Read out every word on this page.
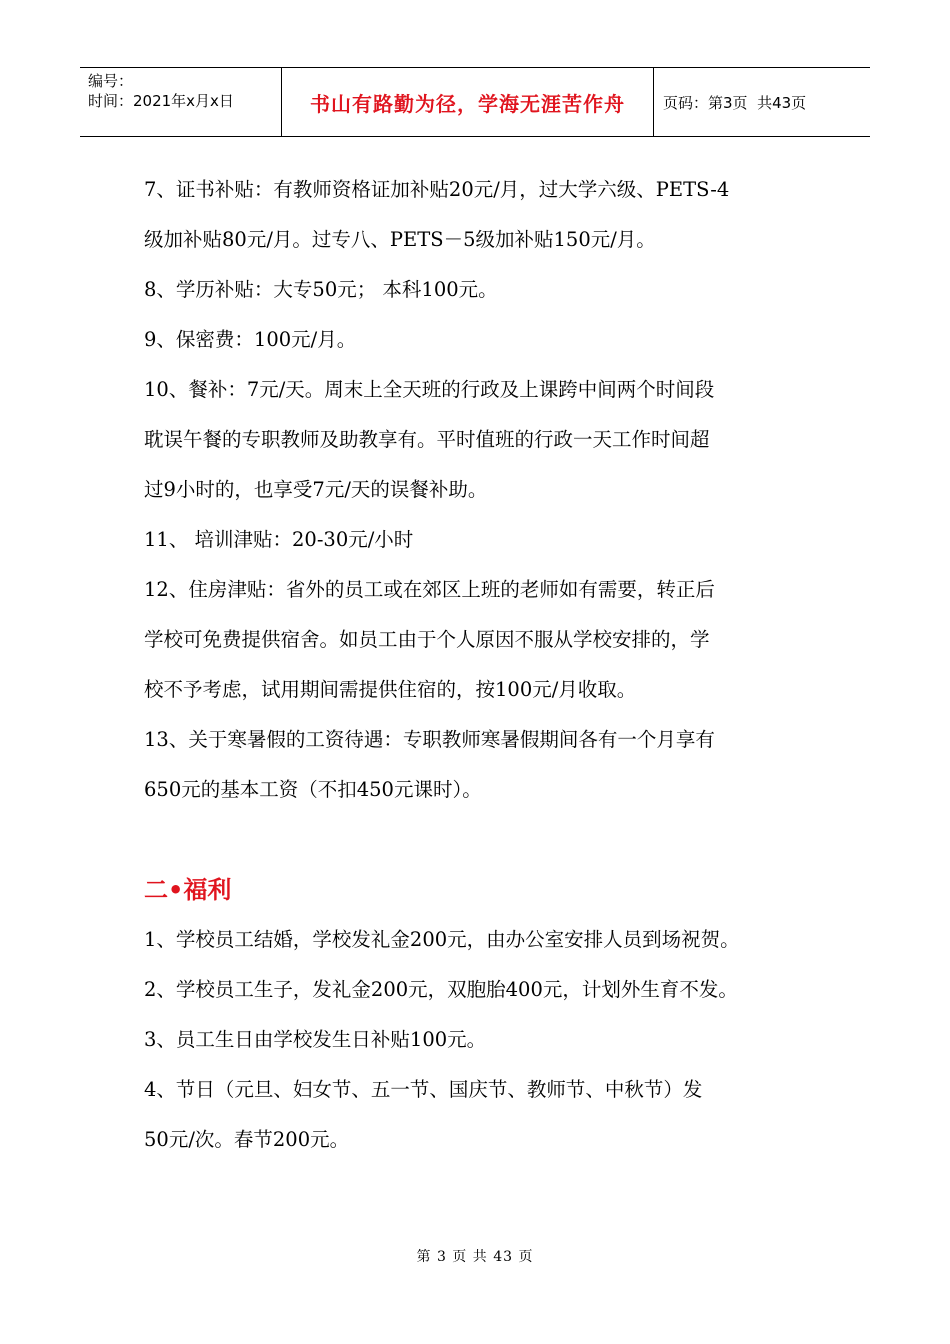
编号：
时间：2021年x月x日	书山有路勤为径，学海无涯苦作舟	页码：第3页  共43页

7、证书补贴：有教师资格证加补贴20元/月，过大学六级、PETS-4

级加补贴80元/月。过专八、PETS－5级加补贴150元/月。

8、学历补贴：大专50元； 本科100元。

9、保密费：100元/月。

10、餐补：7元/天。周末上全天班的行政及上课跨中间两个时间段

耽误午餐的专职教师及助教享有。平时值班的行政一天工作时间超

过9小时的，也享受7元/天的误餐补助。

11、 培训津贴：20-30元/小时

12、住房津贴：省外的员工或在郊区上班的老师如有需要，转正后

学校可免费提供宿舍。如员工由于个人原因不服从学校安排的，学

校不予考虑，试用期间需提供住宿的，按100元/月收取。

13、关于寒暑假的工资待遇：专职教师寒暑假期间各有一个月享有

650元的基本工资（不扣450元课时）。

二•福利

1、学校员工结婚，学校发礼金200元，由办公室安排人员到场祝贺。

2、学校员工生子，发礼金200元，双胞胎400元，计划外生育不发。

3、员工生日由学校发生日补贴100元。

4、节日（元旦、妇女节、五一节、国庆节、教师节、中秋节）发

50元/次。春节200元。

第 3 页 共 43 页
